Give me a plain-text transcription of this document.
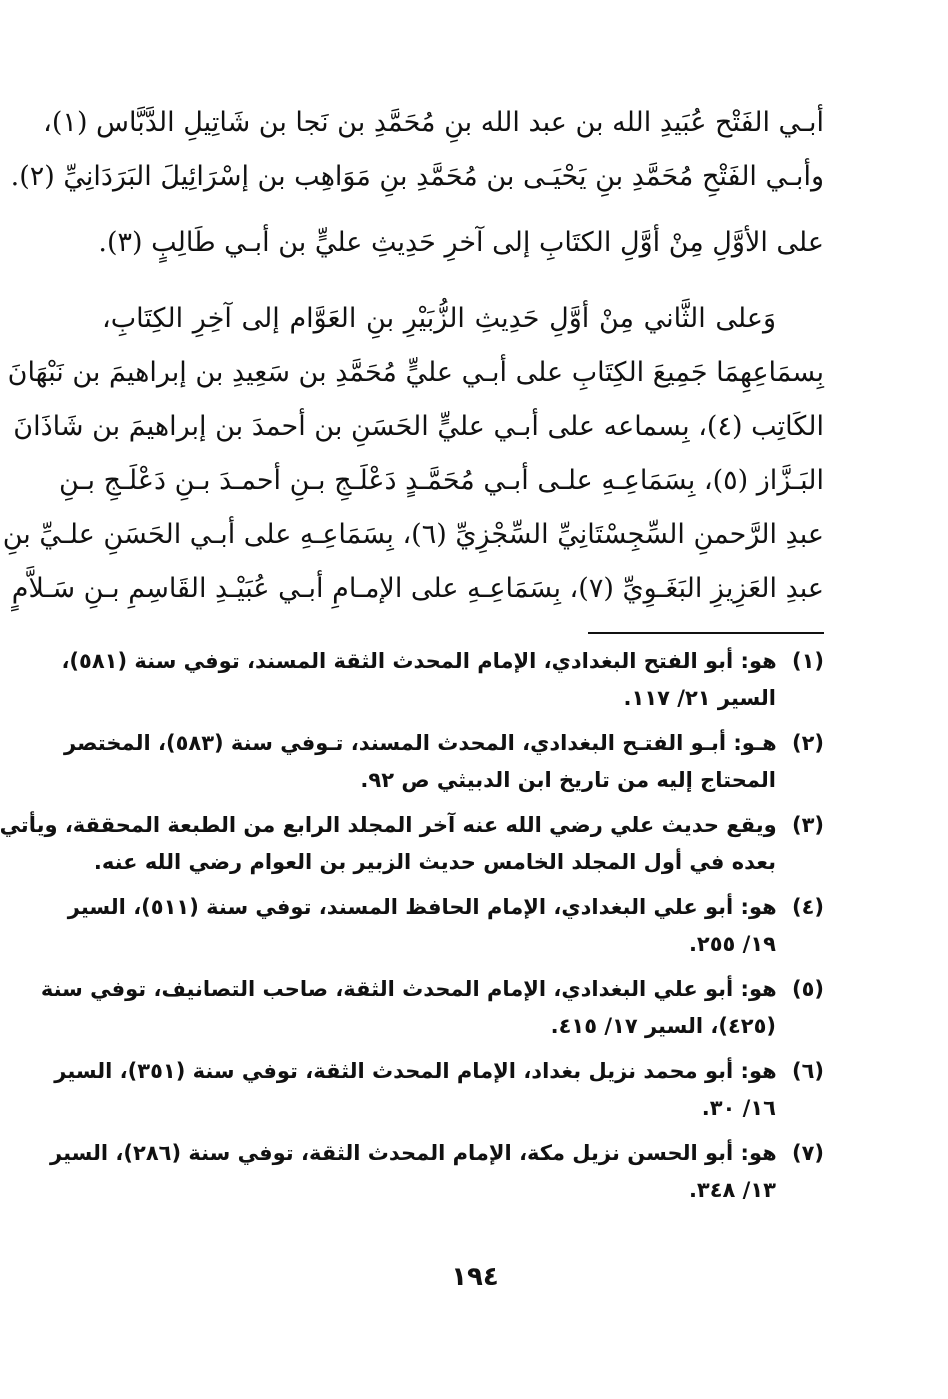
أبـي الفَتْح عُبَيدِ الله بن عبد الله بنِ مُحَمَّدِ بن نَجا بن شَاتِيلِ الدَّبَّاس (١)،
وأبـي الفَتْحِ مُحَمَّدِ بنِ يَحْيَـى بن مُحَمَّدِ بنِ مَوَاهِب بن إسْرَائِيلَ البَرَدَانِيِّ (٢).
على الأوَّلِ مِنْ أوَّلِ الكتَابِ إلى آخرِ حَدِيثِ عليٍّ بن أبـي طَالِبٍ (٣).
وَعلى الثَّاني مِنْ أوَّلِ حَدِيثِ الزُّبَيْرِ بنِ العَوَّام إلى آخِرِ الكِتَابِ،
بِسمَاعِهِمَا جَمِيعَ الكِتَابِ على أبـي عليٍّ مُحَمَّدِ بن سَعِيدِ بن إبراهيمَ بن نَبْهَانَ
الكَاتِب (٤)، بِسماعه على أبـي عليٍّ الحَسَنِ بن أحمدَ بن إبراهيمَ بن شَاذَانَ
البَـزَّاز (٥)، بِسَمَاعِـهِ علـى أبـي مُحَمَّـدٍ دَعْلَـجِ بـنِ أحمـدَ بـنِ دَعْلَـجِ بـنِ
عبدِ الرَّحمنِ السِّجِسْتَانِيِّ السِّجْزِيِّ (٦)، بِسَمَاعِـهِ على أبـي الحَسَنِ علـيِّ بنِ
عبدِ العَزِيزِ البَغَـوِيِّ (٧)، بِسَمَاعِـهِ على الإمـامِ أبـي عُبَيْـدِ القَاسِمِ بـنِ سَـلاَّمٍ
(١) هو: أبو الفتح البغدادي، الإمام المحدث الثقة المسند، توفي سنة (٥٨١)،
السير ٢١/ ١١٧.
(٢) هـو: أبـو الفتـح البغدادي، المحدث المسند، تـوفي سنة (٥٨٣)، المختصر
المحتاج إليه من تاريخ ابن الدبيثي ص ٩٢.
(٣) ويقع حديث علي رضي الله عنه آخر المجلد الرابع من الطبعة المحققة، ويأتي
بعده في أول المجلد الخامس حديث الزبير بن العوام رضي الله عنه.
(٤) هو: أبو علي البغدادي، الإمام الحافظ المسند، توفي سنة (٥١١)، السير
١٩/ ٢٥٥.
(٥) هو: أبو علي البغدادي، الإمام المحدث الثقة، صاحب التصانيف، توفي سنة
(٤٢٥)، السير ١٧/ ٤١٥.
(٦) هو: أبو محمد نزيل بغداد، الإمام المحدث الثقة، توفي سنة (٣٥١)، السير
١٦/ ٣٠.
(٧) هو: أبو الحسن نزيل مكة، الإمام المحدث الثقة، توفي سنة (٢٨٦)، السير
١٣/ ٣٤٨.
١٩٤
